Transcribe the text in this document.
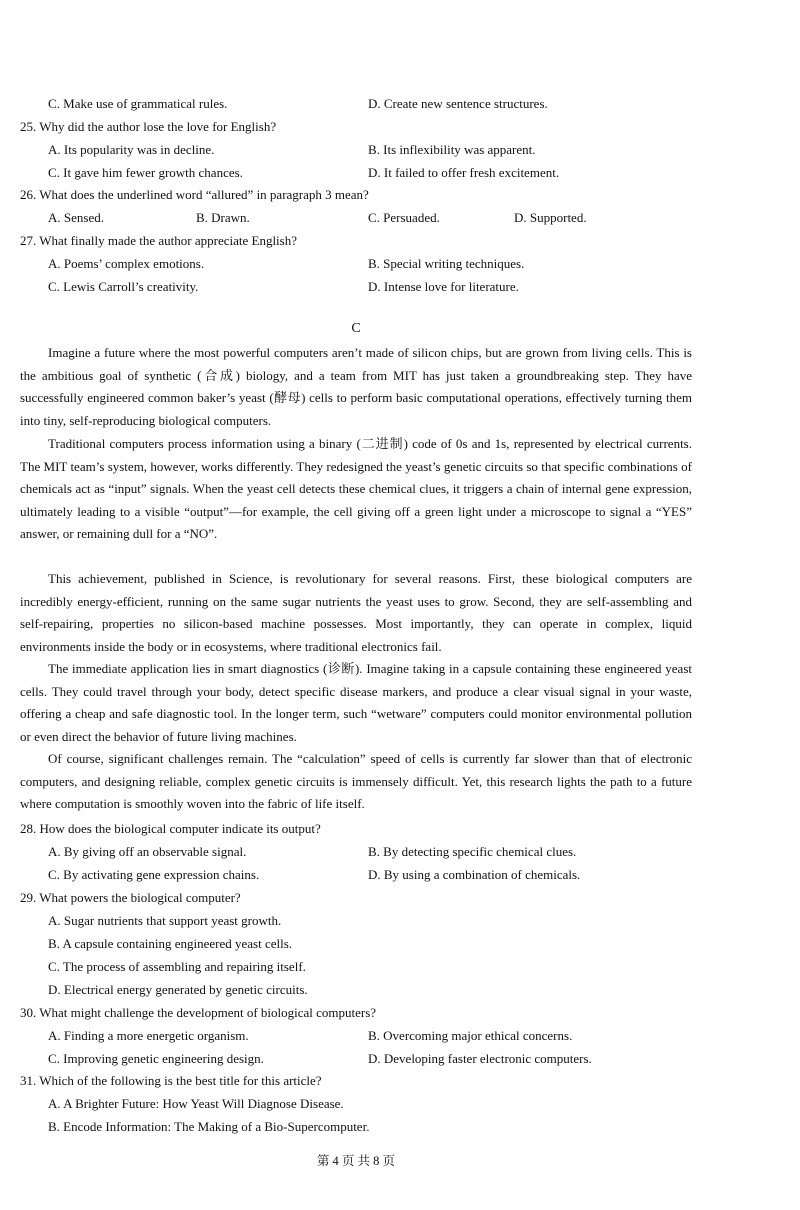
C. Make use of grammatical rules.	D. Create new sentence structures.
25. Why did the author lose the love for English?
A. Its popularity was in decline.	B. Its inflexibility was apparent.
C. It gave him fewer growth chances.	D. It failed to offer fresh excitement.
26. What does the underlined word “allured” in paragraph 3 mean?
A. Sensed.	B. Drawn.	C. Persuaded.	D. Supported.
27. What finally made the author appreciate English?
A. Poems’ complex emotions.	B. Special writing techniques.
C. Lewis Carroll’s creativity.	D. Intense love for literature.
C
Imagine a future where the most powerful computers aren’t made of silicon chips, but are grown from living cells. This is the ambitious goal of synthetic (合成) biology, and a team from MIT has just taken a groundbreaking step. They have successfully engineered common baker’s yeast (酵母) cells to perform basic computational operations, effectively turning them into tiny, self-reproducing biological computers.
Traditional computers process information using a binary (二进制) code of 0s and 1s, represented by electrical currents. The MIT team’s system, however, works differently. They redesigned the yeast’s genetic circuits so that specific combinations of chemicals act as “input” signals. When the yeast cell detects these chemical clues, it triggers a chain of internal gene expression, ultimately leading to a visible “output”—for example, the cell giving off a green light under a microscope to signal a “YES” answer, or remaining dull for a “NO”.
This achievement, published in Science, is revolutionary for several reasons. First, these biological computers are incredibly energy-efficient, running on the same sugar nutrients the yeast uses to grow. Second, they are self-assembling and self-repairing, properties no silicon-based machine possesses. Most importantly, they can operate in complex, liquid environments inside the body or in ecosystems, where traditional electronics fail.
The immediate application lies in smart diagnostics (诊断). Imagine taking in a capsule containing these engineered yeast cells. They could travel through your body, detect specific disease markers, and produce a clear visual signal in your waste, offering a cheap and safe diagnostic tool. In the longer term, such “wetware” computers could monitor environmental pollution or even direct the behavior of future living machines.
Of course, significant challenges remain. The “calculation” speed of cells is currently far slower than that of electronic computers, and designing reliable, complex genetic circuits is immensely difficult. Yet, this research lights the path to a future where computation is smoothly woven into the fabric of life itself.
28. How does the biological computer indicate its output?
A. By giving off an observable signal.	B. By detecting specific chemical clues.
C. By activating gene expression chains.	D. By using a combination of chemicals.
29. What powers the biological computer?
A. Sugar nutrients that support yeast growth.
B. A capsule containing engineered yeast cells.
C. The process of assembling and repairing itself.
D. Electrical energy generated by genetic circuits.
30. What might challenge the development of biological computers?
A. Finding a more energetic organism.	B. Overcoming major ethical concerns.
C. Improving genetic engineering design.	D. Developing faster electronic computers.
31. Which of the following is the best title for this article?
A. A Brighter Future: How Yeast Will Diagnose Disease.
B. Encode Information: The Making of a Bio-Supercomputer.
第 4 页 共 8 页
